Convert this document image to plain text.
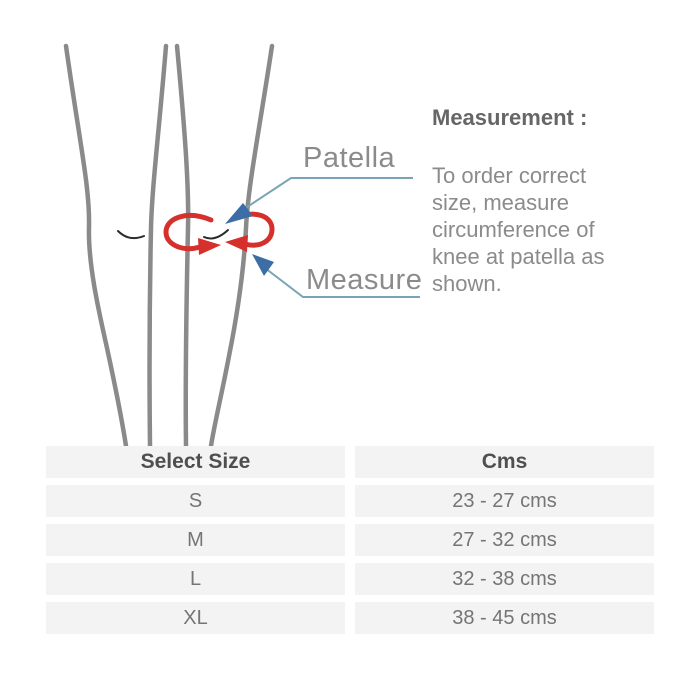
Patella
Measure
Measurement :
To order correct
size, measure
circumference of
knee at patella as
shown.
Select Size	Cms
S	23 - 27 cms
M	27 - 32 cms
L	32 - 38 cms
XL	38 - 45 cms
